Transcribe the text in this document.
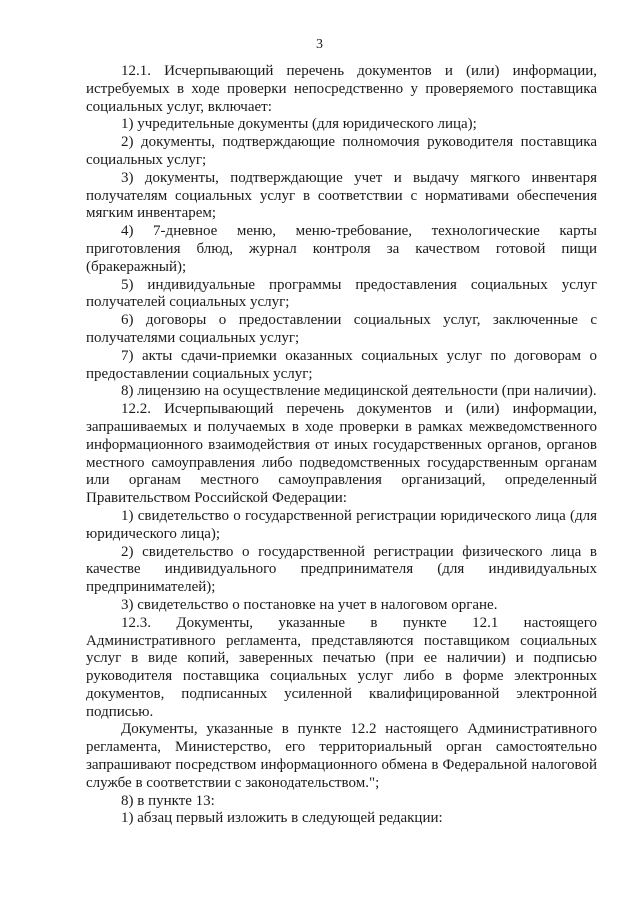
3

12.1. Исчерпывающий перечень документов и (или) информации, истребуемых в ходе проверки непосредственно у проверяемого поставщика социальных услуг, включает:

1) учредительные документы (для юридического лица);

2) документы, подтверждающие полномочия руководителя поставщика социальных услуг;

3) документы, подтверждающие учет и выдачу мягкого инвентаря получателям социальных услуг в соответствии с нормативами обеспечения мягким инвентарем;

4) 7-дневное меню, меню-требование, технологические карты приготовления блюд, журнал контроля за качеством готовой пищи (бракеражный);

5) индивидуальные программы предоставления социальных услуг получателей социальных услуг;

6) договоры о предоставлении социальных услуг, заключенные с получателями социальных услуг;

7) акты сдачи-приемки оказанных социальных услуг по договорам о предоставлении социальных услуг;

8) лицензию на осуществление медицинской деятельности (при наличии).

12.2. Исчерпывающий перечень документов и (или) информации, запрашиваемых и получаемых в ходе проверки в рамках межведомственного информационного взаимодействия от иных государственных органов, органов местного самоуправления либо подведомственных государственным органам или органам местного самоуправления организаций, определенный Правительством Российской Федерации:

1) свидетельство о государственной регистрации юридического лица (для юридического лица);

2) свидетельство о государственной регистрации физического лица в качестве индивидуального предпринимателя (для индивидуальных предпринимателей);

3) свидетельство о постановке на учет в налоговом органе.

12.3. Документы, указанные в пункте 12.1 настоящего Административного регламента, представляются поставщиком социальных услуг в виде копий, заверенных печатью (при ее наличии) и подписью руководителя поставщика социальных услуг либо в форме электронных документов, подписанных усиленной квалифицированной электронной подписью.

Документы, указанные в пункте 12.2 настоящего Административного регламента, Министерство, его территориальный орган самостоятельно запрашивают посредством информационного обмена в Федеральной налоговой службе в соответствии с законодательством.";

8) в пункте 13:

1) абзац первый изложить в следующей редакции:
